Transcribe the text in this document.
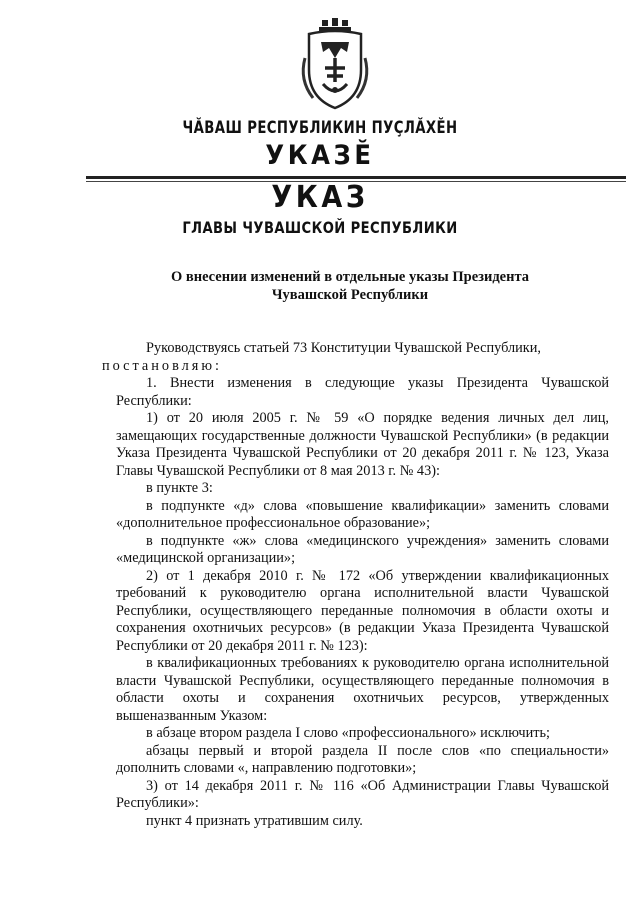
ЧĂВАШ РЕСПУБЛИКИН ПУÇЛĂХĔН
УКАЗĔ
УКАЗ
ГЛАВЫ ЧУВАШСКОЙ РЕСПУБЛИКИ
О внесении изменений в отдельные указы Президента
Чувашской Республики

Руководствуясь статьей 73 Конституции Чувашской Республики,

постановляю:

1. Внести изменения в следующие указы Президента Чувашской Республики:

1) от 20 июля 2005 г. № 59 «О порядке ведения личных дел лиц, замещающих государственные должности Чувашской Республики» (в редакции Указа Президента Чувашской Республики от 20 декабря 2011 г. № 123, Указа Главы Чувашской Республики от 8 мая 2013 г. № 43):

в пункте 3:

в подпункте «д» слова «повышение квалификации» заменить словами «дополнительное профессиональное образование»;

в подпункте «ж» слова «медицинского учреждения» заменить словами «медицинской организации»;

2) от 1 декабря 2010 г. № 172 «Об утверждении квалификационных требований к руководителю органа исполнительной власти Чувашской Республики, осуществляющего переданные полномочия в области охоты и сохранения охотничьих ресурсов» (в редакции Указа Президента Чувашской Республики от 20 декабря 2011 г. № 123):

в квалификационных требованиях к руководителю органа исполнительной власти Чувашской Республики, осуществляющего переданные полномочия в области охоты и сохранения охотничьих ресурсов, утвержденных вышеназванным Указом:

в абзаце втором раздела I слово «профессионального» исключить;

абзацы первый и второй раздела II после слов «по специальности» дополнить словами «, направлению подготовки»;

3) от 14 декабря 2011 г. № 116 «Об Администрации Главы Чувашской Республики»:

пункт 4 признать утратившим силу.
